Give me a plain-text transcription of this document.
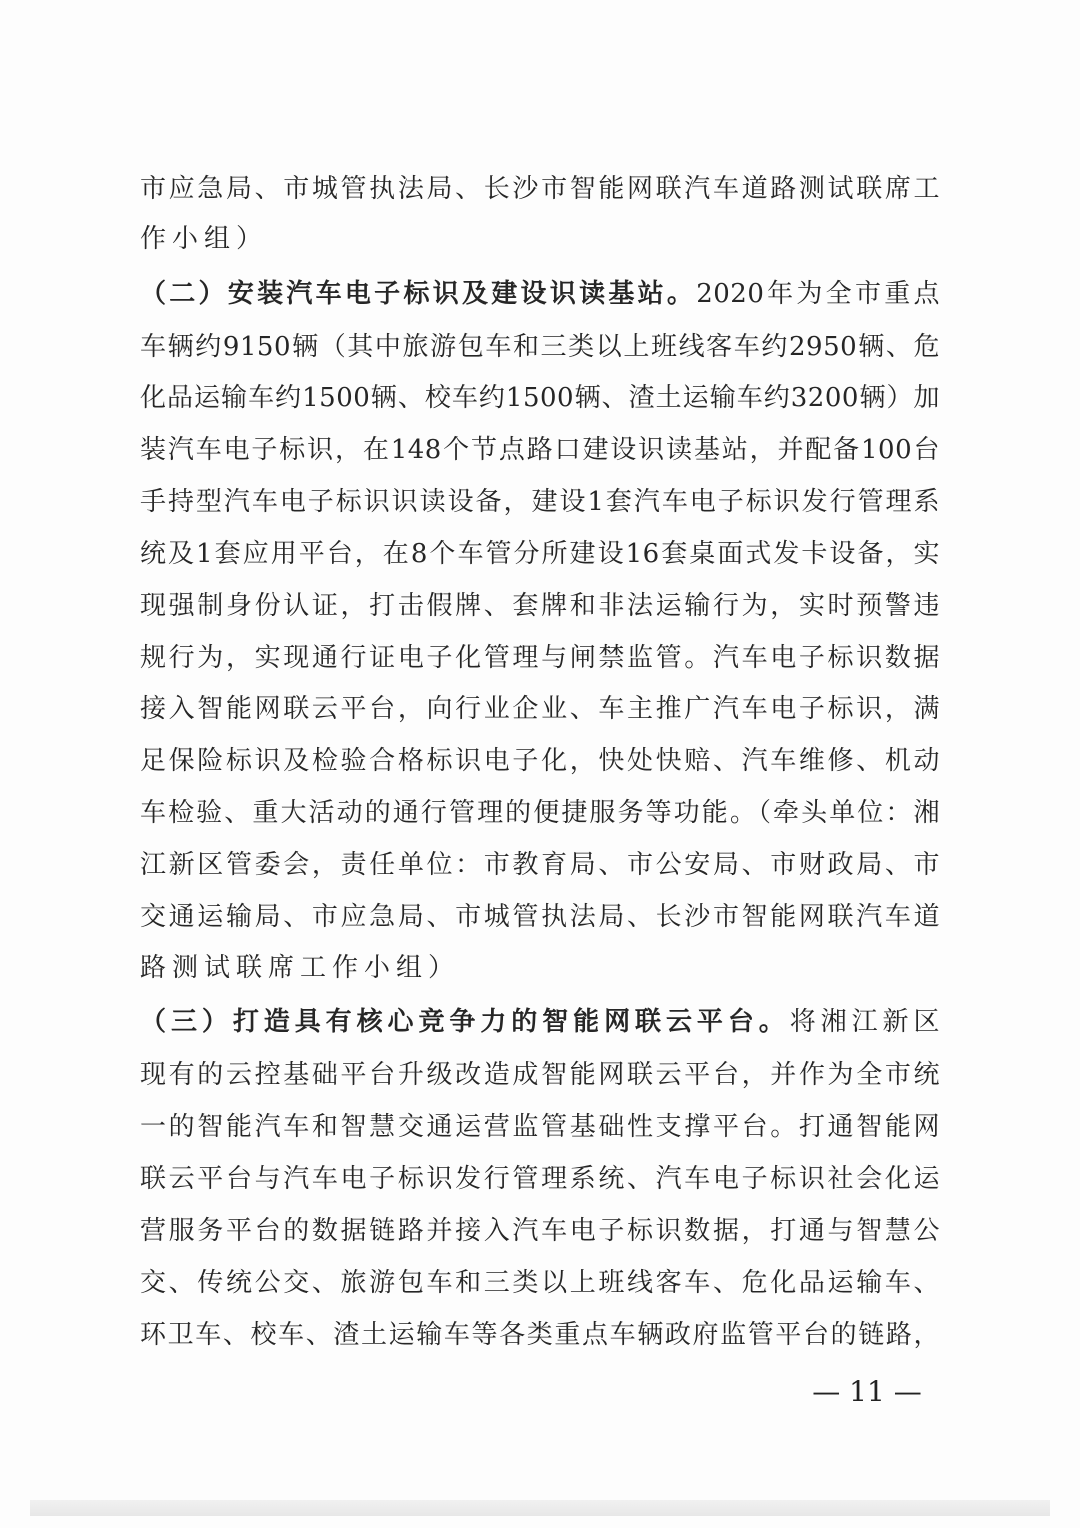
市应急局、市城管执法局、长沙市智能网联汽车道路测试联席工
作小组）
（二）安装汽车电子标识及建设识读基站。2020年为全市重点
车辆约9150辆（其中旅游包车和三类以上班线客车约2950辆、危
化品运输车约1500辆、校车约1500辆、渣土运输车约3200辆）加
装汽车电子标识，在148个节点路口建设识读基站，并配备100台
手持型汽车电子标识识读设备，建设1套汽车电子标识发行管理系
统及1套应用平台，在8个车管分所建设16套桌面式发卡设备，实
现强制身份认证，打击假牌、套牌和非法运输行为，实时预警违
规行为，实现通行证电子化管理与闸禁监管。汽车电子标识数据
接入智能网联云平台，向行业企业、车主推广汽车电子标识，满
足保险标识及检验合格标识电子化，快处快赔、汽车维修、机动
车检验、重大活动的通行管理的便捷服务等功能。（牵头单位：湘
江新区管委会，责任单位：市教育局、市公安局、市财政局、市
交通运输局、市应急局、市城管执法局、长沙市智能网联汽车道
路测试联席工作小组）
（三）打造具有核心竞争力的智能网联云平台。将湘江新区
现有的云控基础平台升级改造成智能网联云平台，并作为全市统
一的智能汽车和智慧交通运营监管基础性支撑平台。打通智能网
联云平台与汽车电子标识发行管理系统、汽车电子标识社会化运
营服务平台的数据链路并接入汽车电子标识数据，打通与智慧公
交、传统公交、旅游包车和三类以上班线客车、危化品运输车、
环卫车、校车、渣土运输车等各类重点车辆政府监管平台的链路，
— 11 —
